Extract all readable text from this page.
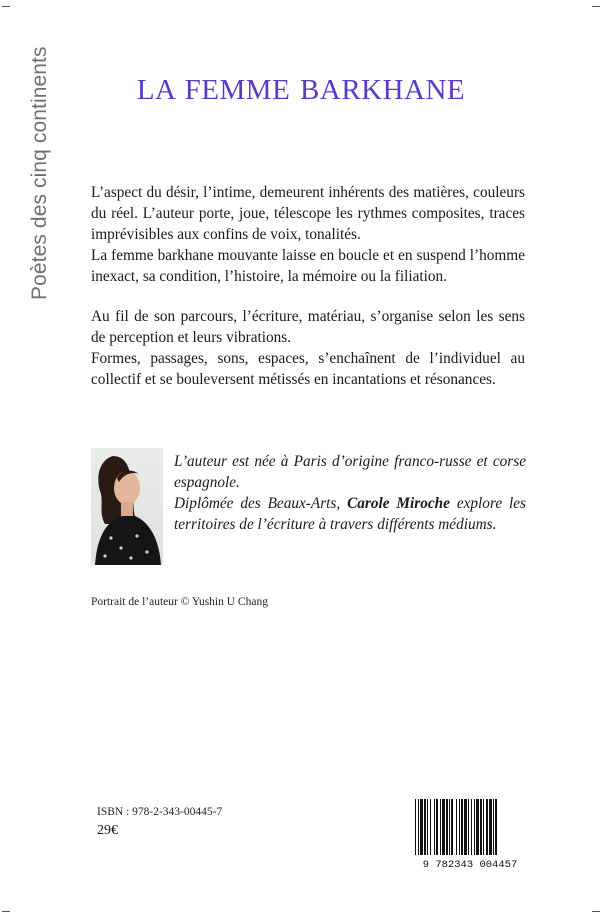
Poètes des cinq continents	LA FEMME BARKHANE

L’aspect du désir, l’intime, demeurent inhérents des matières, couleurs du réel. L’auteur porte, joue, télescope les rythmes composites, traces imprévisibles aux confins de voix, tonalités.

La femme barkhane mouvante laisse en boucle et en suspend l’homme inexact, sa condition, l’histoire, la mémoire ou la filiation.

Au fil de son parcours, l’écriture, matériau, s’organise selon les sens de perception et leurs vibrations.

Formes, passages, sons, espaces, s’enchaînent de l’individuel au collectif et se bouleversent métissés en incantations et résonances.

L’auteur est née à Paris d’origine franco-russe et corse espagnole.

Diplômée des Beaux-Arts, Carole Miroche explore les territoires de l’écriture à travers différents médiums.

Portrait de l’auteur © Yushin U Chang
ISBN : 978-2-343-00445-7
29€
9 782343 004457
